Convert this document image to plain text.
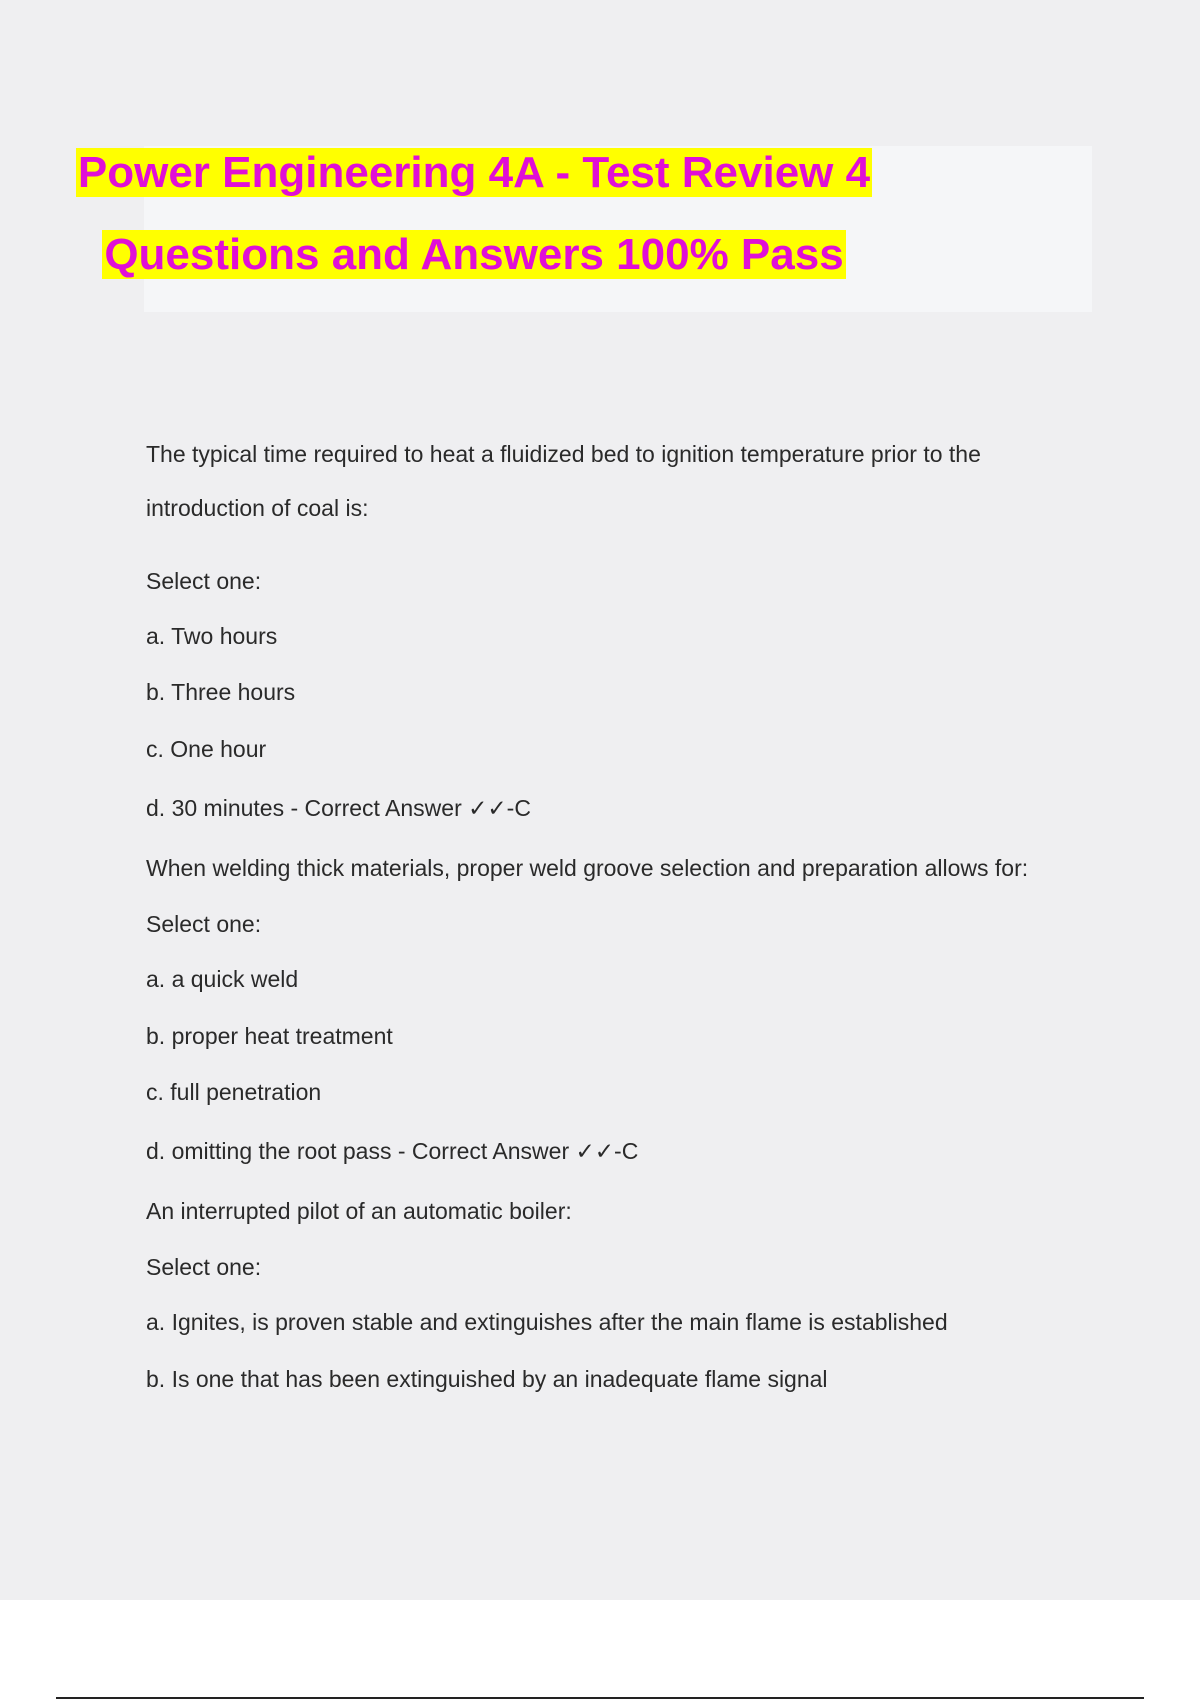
Power Engineering 4A - Test Review 4
Questions and Answers 100% Pass
The typical time required to heat a fluidized bed to ignition temperature prior to the
introduction of coal is:
Select one:
a. Two hours
b. Three hours
c. One hour
d. 30 minutes - Correct Answer ✓✓-C
When welding thick materials, proper weld groove selection and preparation allows for:
Select one:
a. a quick weld
b. proper heat treatment
c. full penetration
d. omitting the root pass - Correct Answer ✓✓-C
An interrupted pilot of an automatic boiler:
Select one:
a. Ignites, is proven stable and extinguishes after the main flame is established
b. Is one that has been extinguished by an inadequate flame signal
